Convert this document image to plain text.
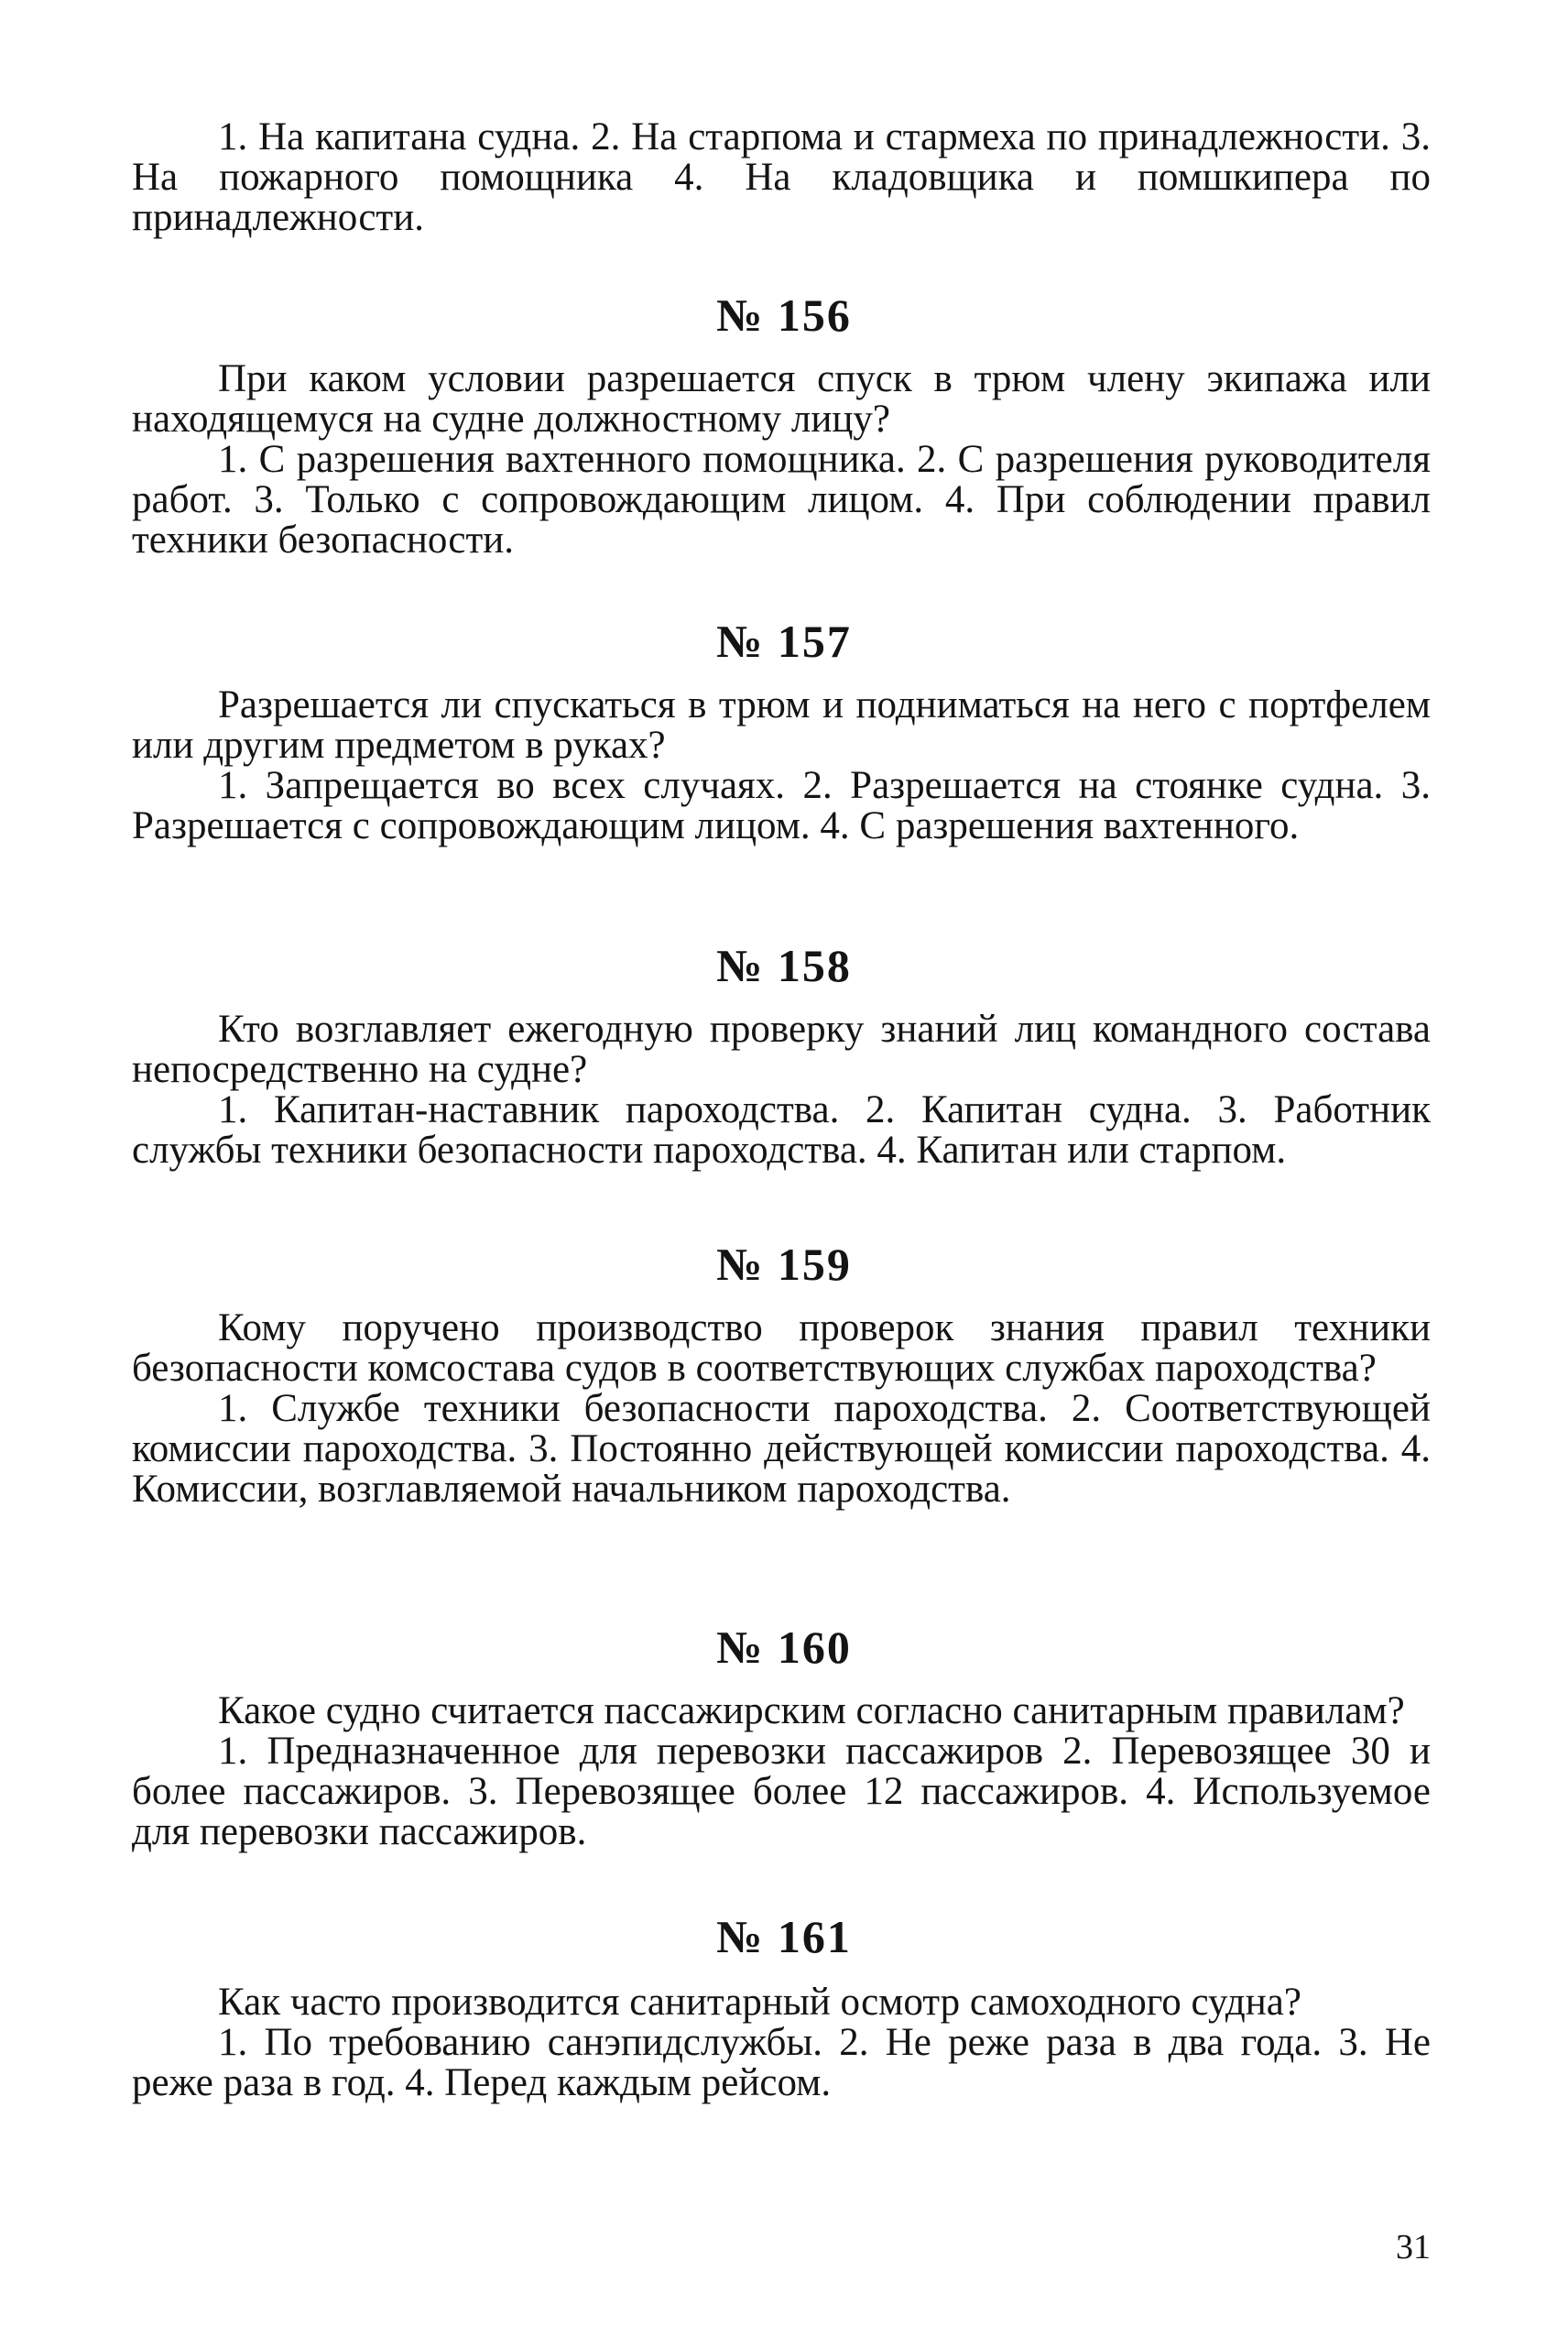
1. На капитана судна. 2. На старпома и стармеха по принадлежности. 3. На пожарного помощника 4. На кладовщика и помшкипера по принадлежности.
№ 156
При каком условии разрешается спуск в трюм члену экипажа или находящемуся на судне должностному лицу?
1. С разрешения вахтенного помощника. 2. С разрешения руководителя работ. 3. Только с сопровождающим лицом. 4. При соблюдении правил техники безопасности.
№ 157
Разрешается ли спускаться в трюм и подниматься на него с портфелем или другим предметом в руках?
1. Запрещается во всех случаях. 2. Разрешается на стоянке судна. 3. Разрешается с сопровождающим лицом. 4. С разрешения вахтенного.
№ 158
Кто возглавляет ежегодную проверку знаний лиц командного состава непосредственно на судне?
1. Капитан-наставник пароходства. 2. Капитан судна. 3. Работник службы техники безопасности пароходства. 4. Капитан или старпом.
№ 159
Кому поручено производство проверок знания правил техники безопасности комсостава судов в соответствующих службах пароходства?
1. Службе техники безопасности пароходства. 2. Соответствующей комиссии пароходства. 3. Постоянно действующей комиссии пароходства. 4. Комиссии, возглавляемой начальником пароходства.
№ 160
Какое судно считается пассажирским согласно санитарным правилам?
1. Предназначенное для перевозки пассажиров 2. Перевозящее 30 и более пассажиров. 3. Перевозящее более 12 пассажиров. 4. Используемое для перевозки пассажиров.
№ 161
Как часто производится санитарный осмотр самоходного судна?
1. По требованию санэпидслужбы. 2. Не реже раза в два года. 3. Не реже раза в год. 4. Перед каждым рейсом.
31
